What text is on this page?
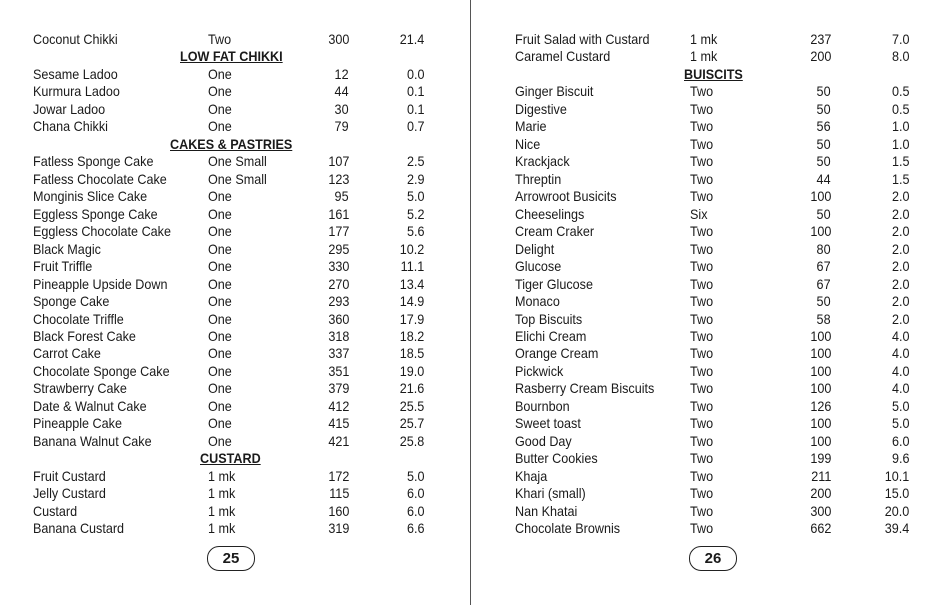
Coconut Chikki	Two	300	21.4
LOW FAT CHIKKI
Sesame Ladoo	One	12	0.0
Kurmura Ladoo	One	44	0.1
Jowar Ladoo	One	30	0.1
Chana Chikki	One	79	0.7
CAKES & PASTRIES
Fatless Sponge Cake	One Small	107	2.5
Fatless Chocolate Cake	One Small	123	2.9
Monginis Slice Cake	One	95	5.0
Eggless Sponge Cake	One	161	5.2
Eggless Chocolate Cake	One	177	5.6
Black Magic	One	295	10.2
Fruit Triffle	One	330	11.1
Pineapple Upside Down	One	270	13.4
Sponge Cake	One	293	14.9
Chocolate Triffle	One	360	17.9
Black Forest Cake	One	318	18.2
Carrot Cake	One	337	18.5
Chocolate Sponge Cake	One	351	19.0
Strawberry Cake	One	379	21.6
Date & Walnut Cake	One	412	25.5
Pineapple Cake	One	415	25.7
Banana Walnut Cake	One	421	25.8
CUSTARD
Fruit Custard	1 mk	172	5.0
Jelly Custard	1 mk	115	6.0
Custard	1 mk	160	6.0
Banana Custard	1 mk	319	6.6
25
Fruit Salad with Custard	1 mk	237	7.0
Caramel Custard	1 mk	200	8.0
BUISCITS
Ginger Biscuit	Two	50	0.5
Digestive	Two	50	0.5
Marie	Two	56	1.0
Nice	Two	50	1.0
Krackjack	Two	50	1.5
Threptin	Two	44	1.5
Arrowroot Busicits	Two	100	2.0
Cheeselings	Six	50	2.0
Cream Craker	Two	100	2.0
Delight	Two	80	2.0
Glucose	Two	67	2.0
Tiger Glucose	Two	67	2.0
Monaco	Two	50	2.0
Top Biscuits	Two	58	2.0
Elichi Cream	Two	100	4.0
Orange Cream	Two	100	4.0
Pickwick	Two	100	4.0
Rasberry Cream Biscuits	Two	100	4.0
Bournbon	Two	126	5.0
Sweet toast	Two	100	5.0
Good Day	Two	100	6.0
Butter Cookies	Two	199	9.6
Khaja	Two	211	10.1
Khari (small)	Two	200	15.0
Nan Khatai	Two	300	20.0
Chocolate Brownis	Two	662	39.4
26
